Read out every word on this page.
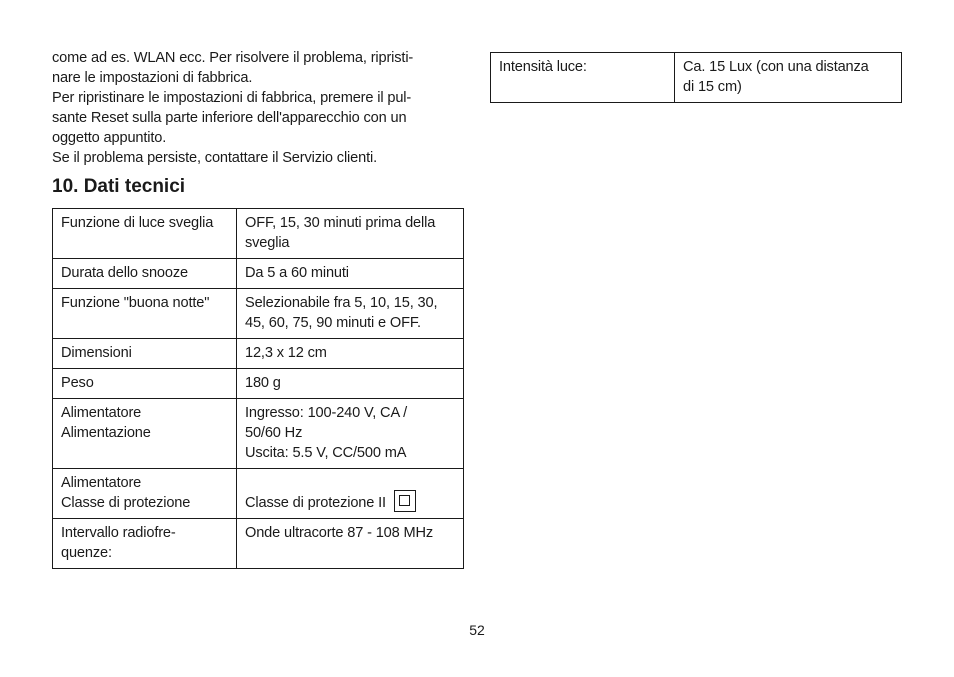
come ad es. WLAN ecc. Per risolvere il problema, ripristi-

nare le impostazioni di fabbrica.

Per ripristinare le impostazioni di fabbrica, premere il pul-

sante Reset sulla parte inferiore dell'apparecchio con un

oggetto appuntito.

Se il problema persiste, contattare il Servizio clienti.

10. Dati tecnici
Funzione di luce sveglia	OFF, 15, 30 minuti prima della
sveglia

Durata dello snooze	Da 5 a 60 minuti

Funzione "buona notte"	Selezionabile fra 5, 10, 15, 30,
45, 60, 75, 90 minuti e OFF.

Dimensioni	12,3 x 12 cm

Peso	180 g

Alimentatore
Alimentazione	Ingresso: 100-240 V, CA /
50/60 Hz
Uscita: 5.5 V, CC/500 mA

Alimentatore
Classe di protezione	Classe di protezione II

Intervallo radiofre-
quenze:	Onde ultracorte 87 - 108 MHz
Intensità luce:	Ca. 15 Lux (con una distanza
di 15 cm)
52
